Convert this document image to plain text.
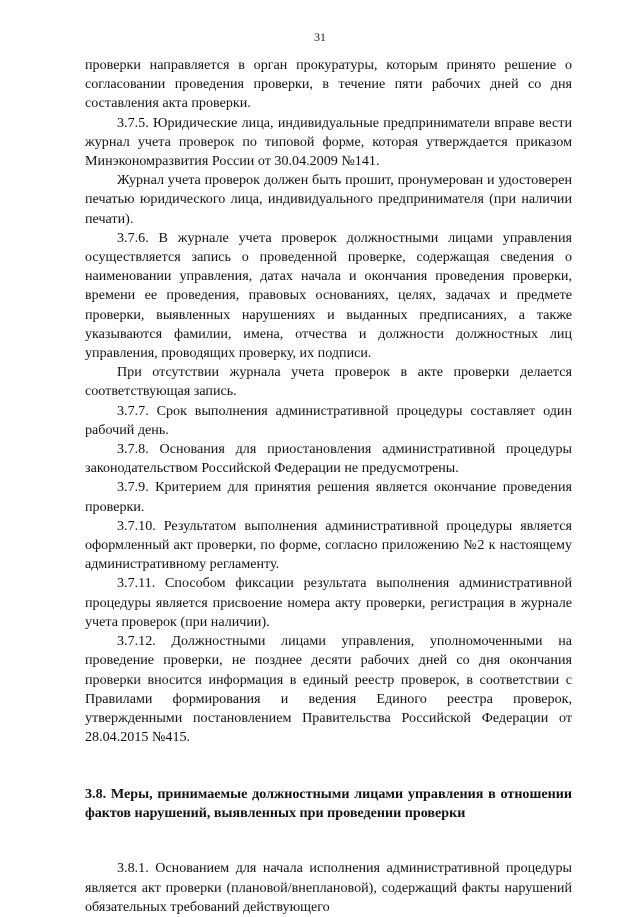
31

проверки направляется в орган прокуратуры, которым принято решение о согласовании проведения проверки, в течение пяти рабочих дней со дня составления акта проверки.

3.7.5. Юридические лица, индивидуальные предприниматели вправе вести журнал учета проверок по типовой форме, которая утверждается приказом Минэкономразвития России от 30.04.2009 №141.

Журнал учета проверок должен быть прошит, пронумерован и удостоверен печатью юридического лица, индивидуального предпринимателя (при наличии печати).

3.7.6. В журнале учета проверок должностными лицами управления осуществляется запись о проведенной проверке, содержащая сведения о наименовании управления, датах начала и окончания проведения проверки, времени ее проведения, правовых основаниях, целях, задачах и предмете проверки, выявленных нарушениях и выданных предписаниях, а также указываются фамилии, имена, отчества и должности должностных лиц управления, проводящих проверку, их подписи.

При отсутствии журнала учета проверок в акте проверки делается соответствующая запись.

3.7.7. Срок выполнения административной процедуры составляет один рабочий день.

3.7.8. Основания для приостановления административной процедуры законодательством Российской Федерации не предусмотрены.

3.7.9. Критерием для принятия решения является окончание проведения проверки.

3.7.10. Результатом выполнения административной процедуры является оформленный акт проверки, по форме, согласно приложению №2 к настоящему административному регламенту.

3.7.11. Способом фиксации результата выполнения административной процедуры является присвоение номера акту проверки, регистрация в журнале учета проверок (при наличии).

3.7.12. Должностными лицами управления, уполномоченными на проведение проверки, не позднее десяти рабочих дней со дня окончания проверки вносится информация в единый реестр проверок, в соответствии с Правилами формирования и ведения Единого реестра проверок, утвержденными постановлением Правительства Российской Федерации от 28.04.2015 №415.

3.8. Меры, принимаемые должностными лицами управления в отношении фактов нарушений, выявленных при проведении проверки

3.8.1. Основанием для начала исполнения административной процедуры является акт проверки (плановой/внеплановой), содержащий факты нарушений обязательных требований действующего
